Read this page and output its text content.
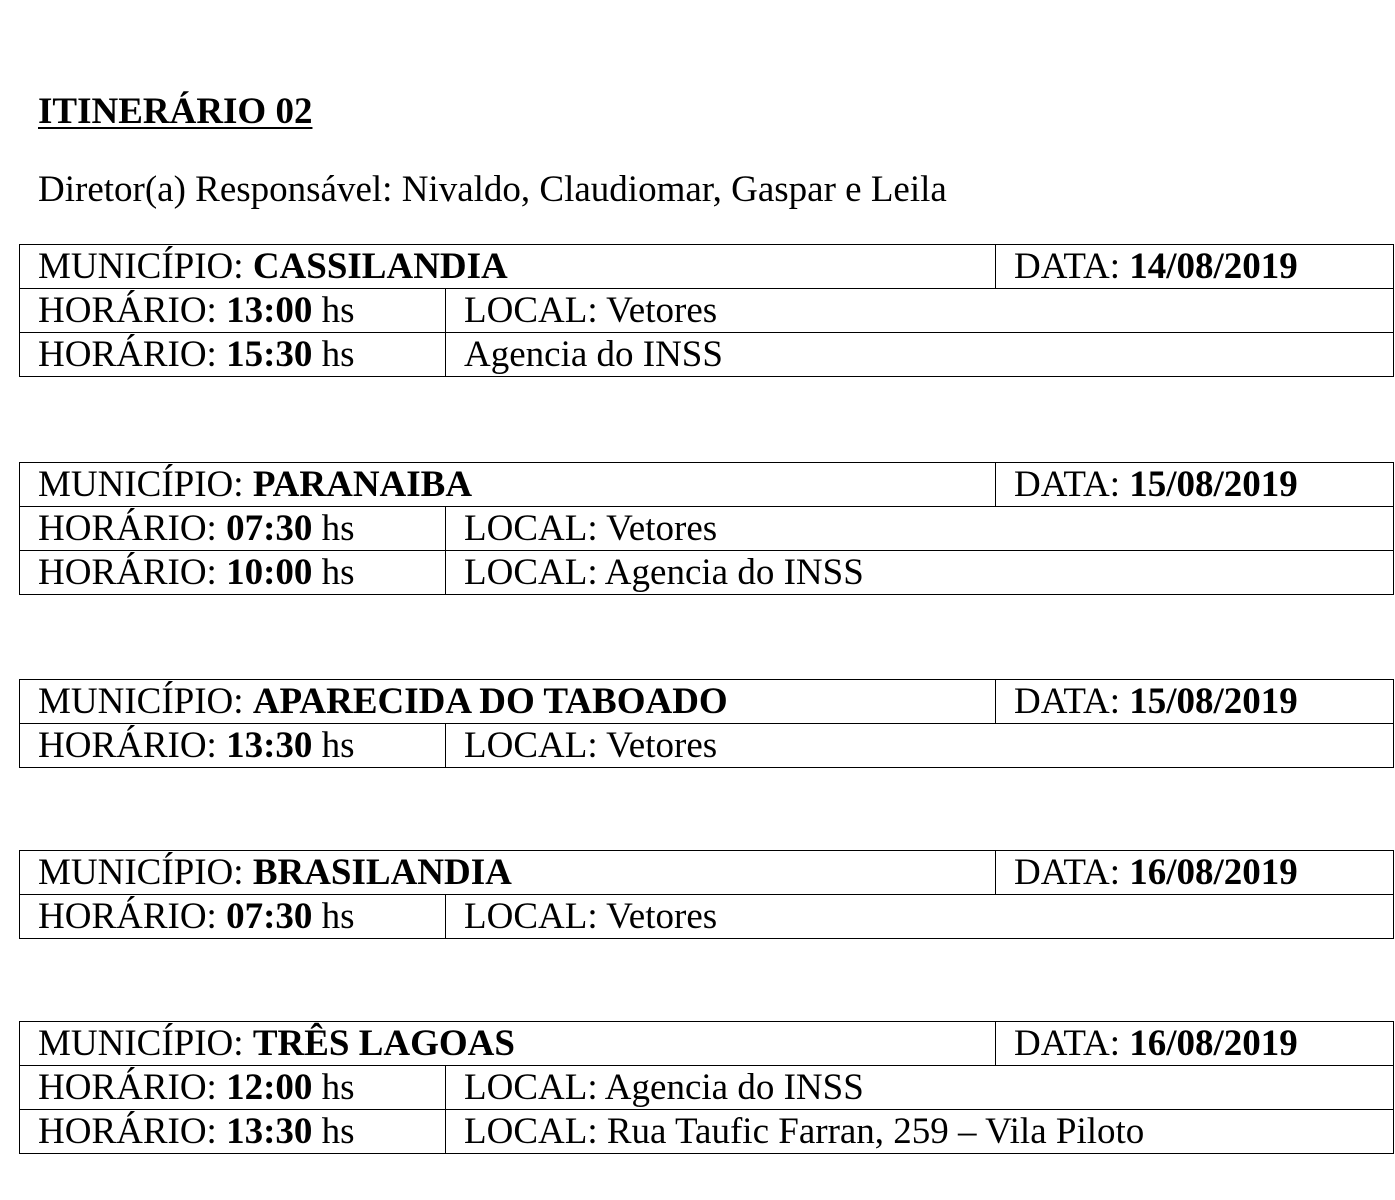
ITINERÁRIO 02

Diretor(a) Responsável: Nivaldo, Claudiomar, Gaspar e Leila

MUNICÍPIO: CASSILANDIA		DATA: 14/08/2019
HORÁRIO: 13:00 hs	LOCAL: Vetores	
HORÁRIO: 15:30 hs	Agencia do INSS	
MUNICÍPIO: PARANAIBA		DATA: 15/08/2019
HORÁRIO: 07:30 hs	LOCAL: Vetores	
HORÁRIO: 10:00 hs	LOCAL: Agencia do INSS	
MUNICÍPIO: APARECIDA DO TABOADO		DATA: 15/08/2019
HORÁRIO: 13:30 hs	LOCAL: Vetores	
MUNICÍPIO: BRASILANDIA		DATA: 16/08/2019
HORÁRIO: 07:30 hs	LOCAL: Vetores	
MUNICÍPIO: TRÊS LAGOAS		DATA: 16/08/2019
HORÁRIO: 12:00 hs	LOCAL: Agencia do INSS	
HORÁRIO: 13:30 hs	LOCAL: Rua Taufic Farran, 259 – Vila Piloto	
